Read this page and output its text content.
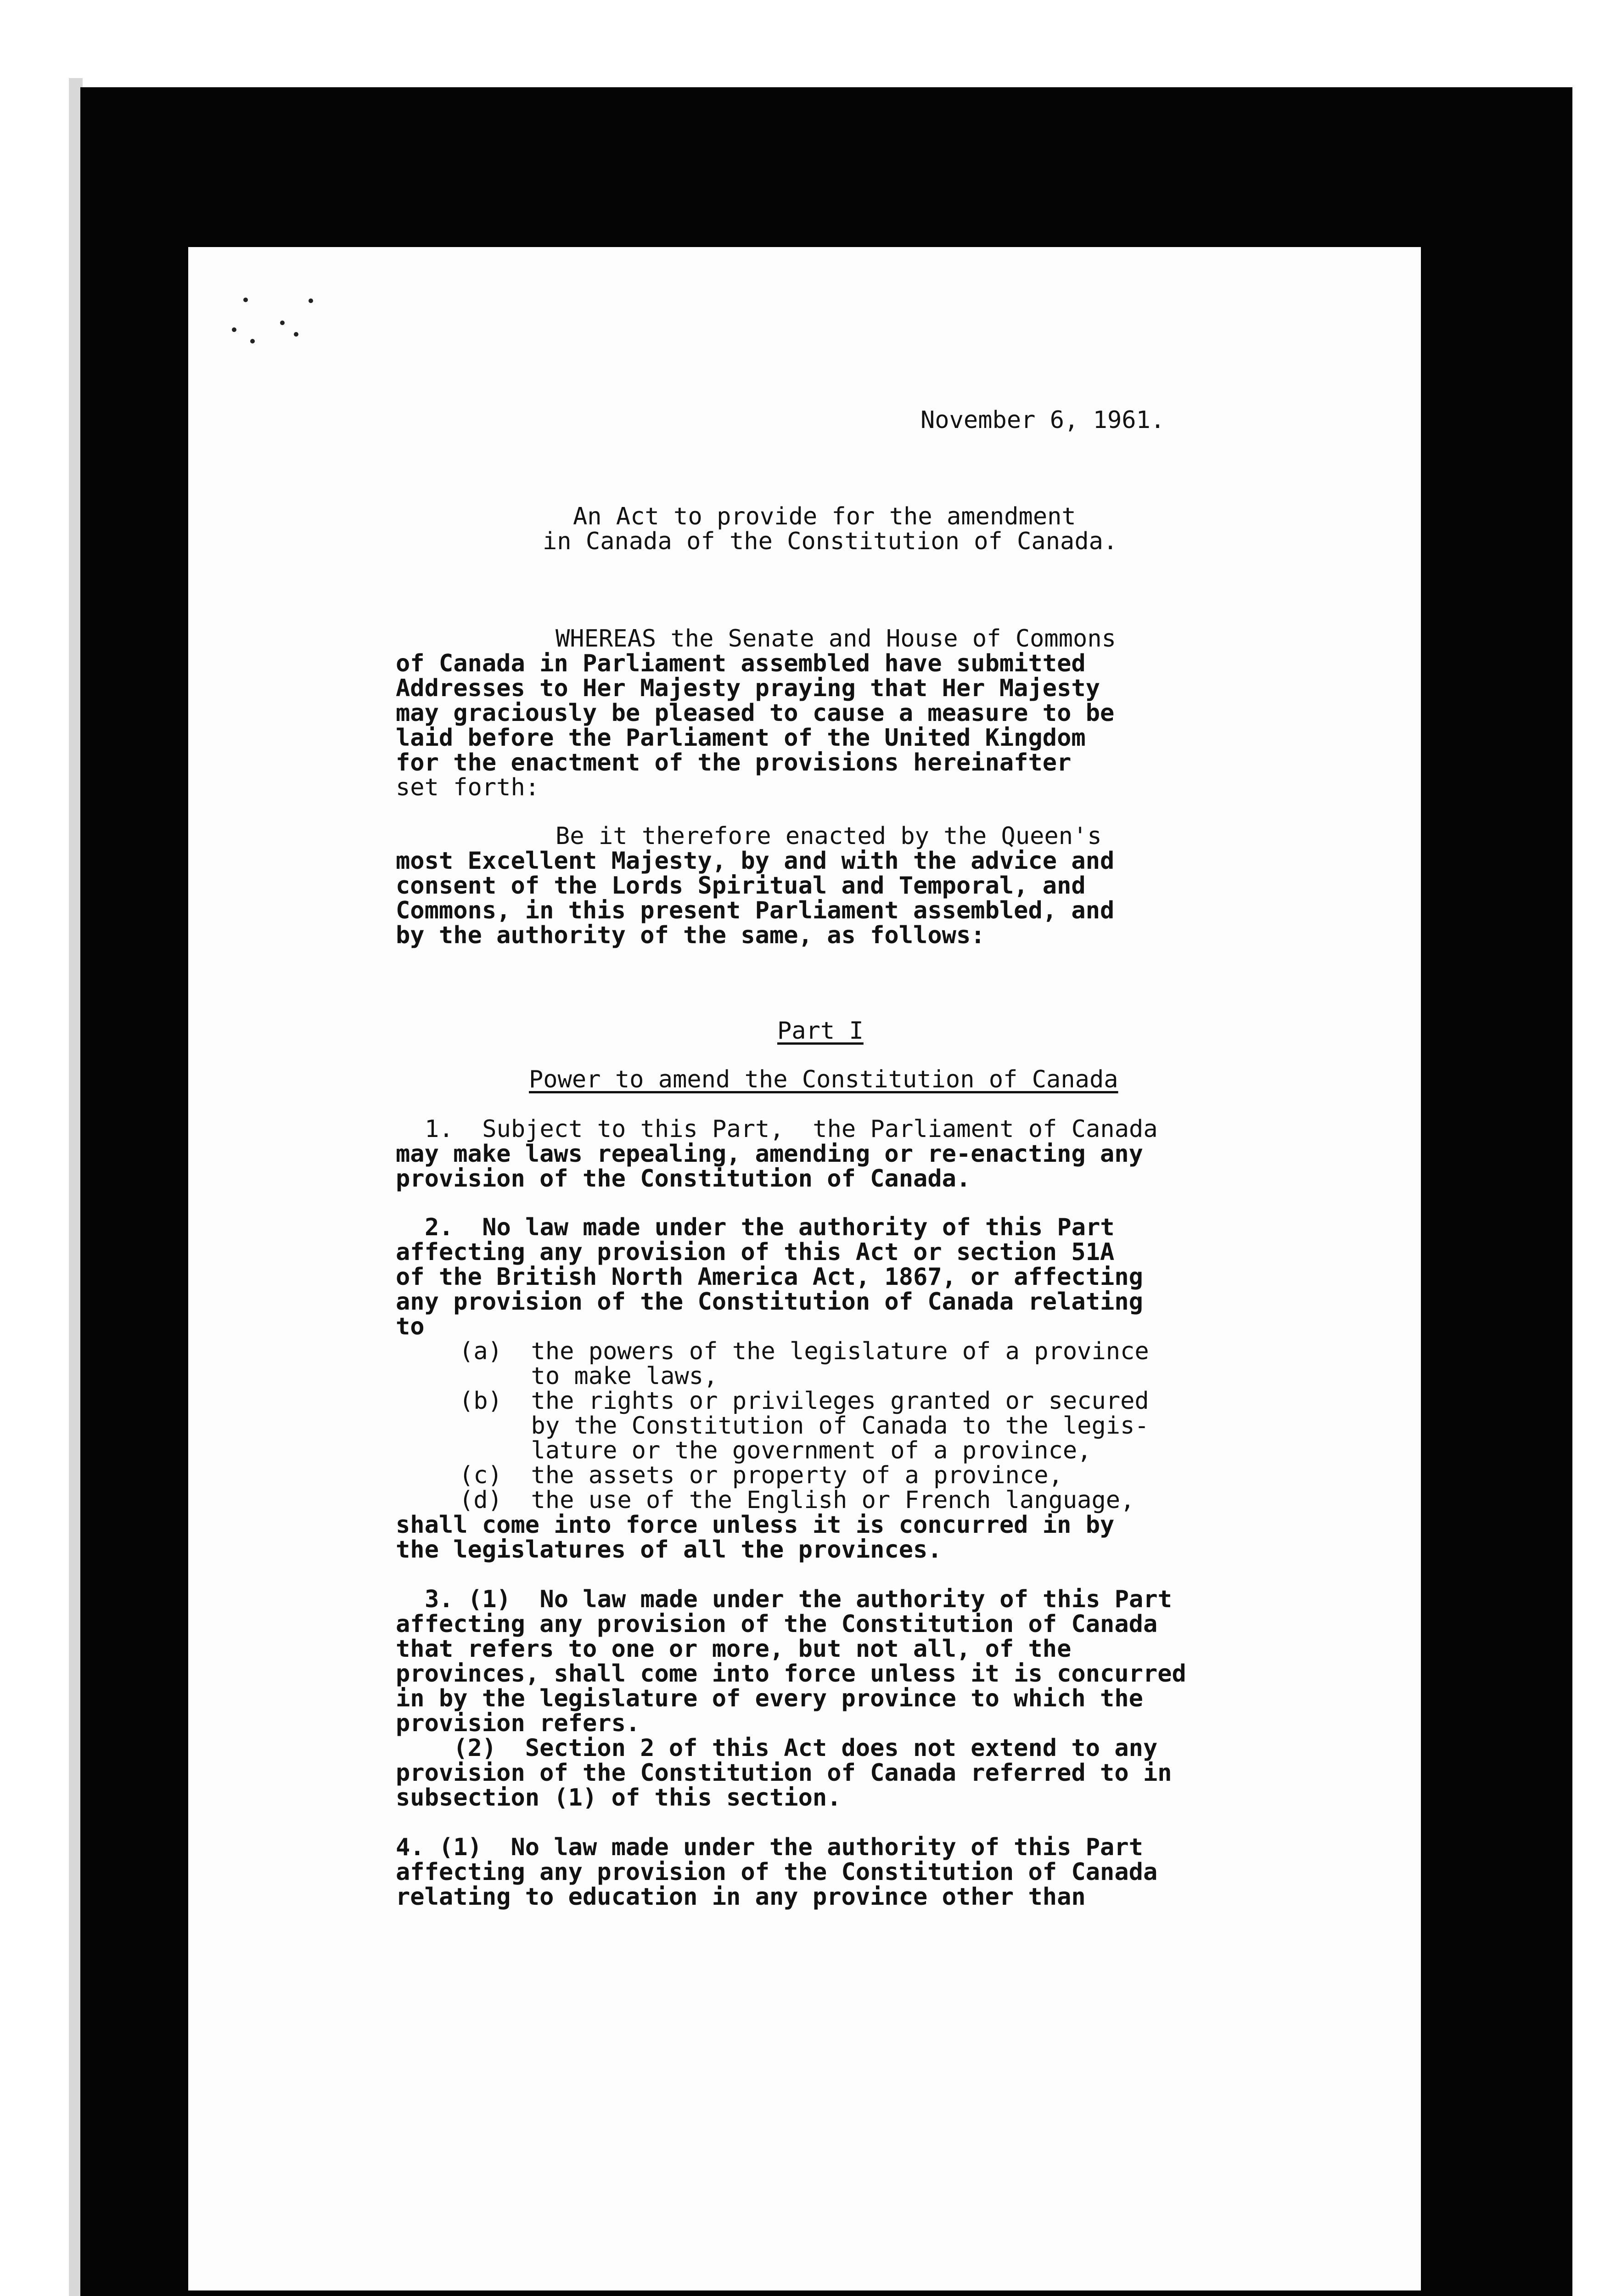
November 6, 1961.
An Act to provide for the amendment
in Canada of the Constitution of Canada.
WHEREAS the Senate and House of Commons
of Canada in Parliament assembled have submitted
Addresses to Her Majesty praying that Her Majesty
may graciously be pleased to cause a measure to be
laid before the Parliament of the United Kingdom
for the enactment of the provisions hereinafter
set forth:
Be it therefore enacted by the Queen's
most Excellent Majesty, by and with the advice and
consent of the Lords Spiritual and Temporal, and
Commons, in this present Parliament assembled, and
by the authority of the same, as follows:
Part I
Power to amend the Constitution of Canada
1.  Subject to this Part,  the Parliament of Canada
may make laws repealing, amending or re-enacting any
provision of the Constitution of Canada.
2.  No law made under the authority of this Part
affecting any provision of this Act or section 51A
of the British North America Act, 1867, or affecting
any provision of the Constitution of Canada relating
to
(a)  the powers of the legislature of a province
to make laws,
(b)  the rights or privileges granted or secured
by the Constitution of Canada to the legis-
lature or the government of a province,
(c)  the assets or property of a province,
(d)  the use of the English or French language,
shall come into force unless it is concurred in by
the legislatures of all the provinces.
3. (1)  No law made under the authority of this Part
affecting any provision of the Constitution of Canada
that refers to one or more, but not all, of the
provinces, shall come into force unless it is concurred
in by the legislature of every province to which the
provision refers.
(2)  Section 2 of this Act does not extend to any
provision of the Constitution of Canada referred to in
subsection (1) of this section.
4. (1)  No law made under the authority of this Part
affecting any provision of the Constitution of Canada
relating to education in any province other than
